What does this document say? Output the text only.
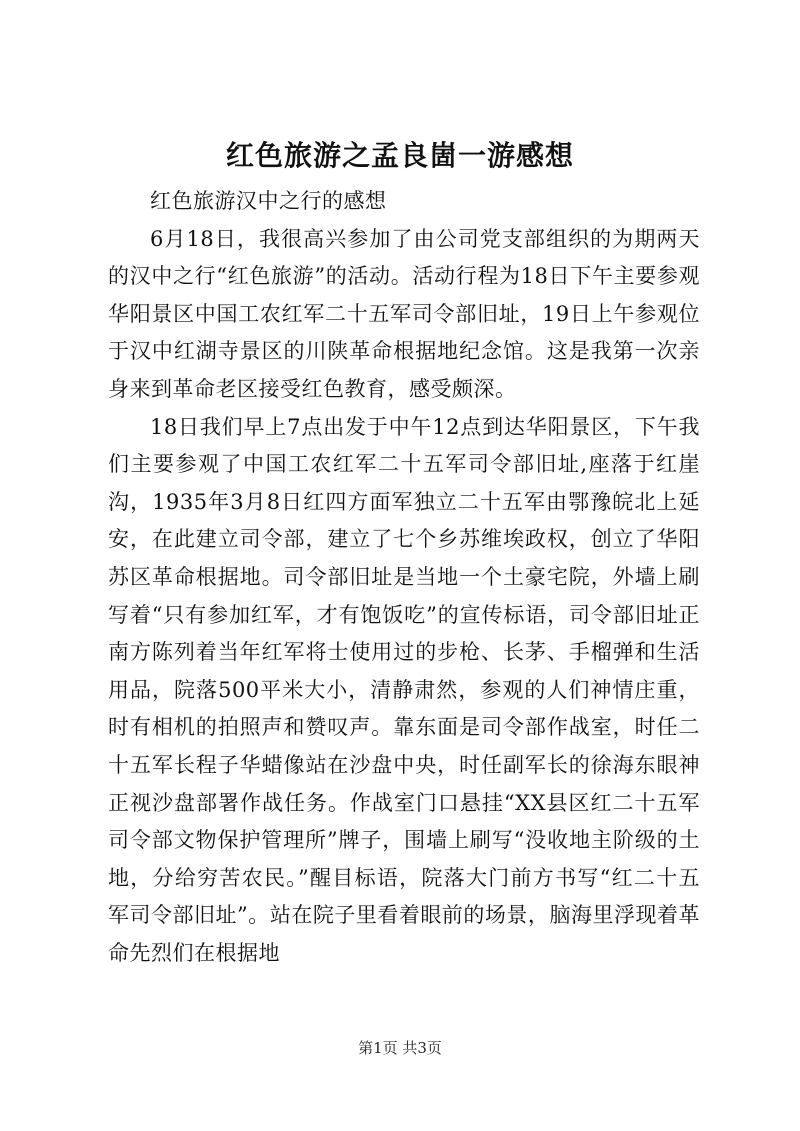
红色旅游之孟良崮一游感想

红色旅游汉中之行的感想

6月18日，我很高兴参加了由公司党支部组织的为期两天的汉中之行“红色旅游”的活动。活动行程为18日下午主要参观华阳景区中国工农红军二十五军司令部旧址，19日上午参观位于汉中红湖寺景区的川陕革命根据地纪念馆。这是我第一次亲身来到革命老区接受红色教育，感受颇深。

18日我们早上7点出发于中午12点到达华阳景区，下午我们主要参观了中国工农红军二十五军司令部旧址,座落于红崖沟，1935年3月8日红四方面军独立二十五军由鄂豫皖北上延安，在此建立司令部，建立了七个乡苏维埃政权，创立了华阳苏区革命根据地。司令部旧址是当地一个土豪宅院，外墙上刷写着“只有参加红军，才有饱饭吃”的宣传标语，司令部旧址正南方陈列着当年红军将士使用过的步枪、长茅、手榴弹和生活用品，院落500平米大小，清静肃然，参观的人们神情庄重，时有相机的拍照声和赞叹声。靠东面是司令部作战室，时任二十五军长程子华蜡像站在沙盘中央，时任副军长的徐海东眼神正视沙盘部署作战任务。作战室门口悬挂“XX县区红二十五军司令部文物保护管理所”牌子，围墙上刷写“没收地主阶级的土地，分给穷苦农民。”醒目标语，院落大门前方书写“红二十五军司令部旧址”。站在院子里看着眼前的场景，脑海里浮现着革命先烈们在根据地

第1页 共3页
